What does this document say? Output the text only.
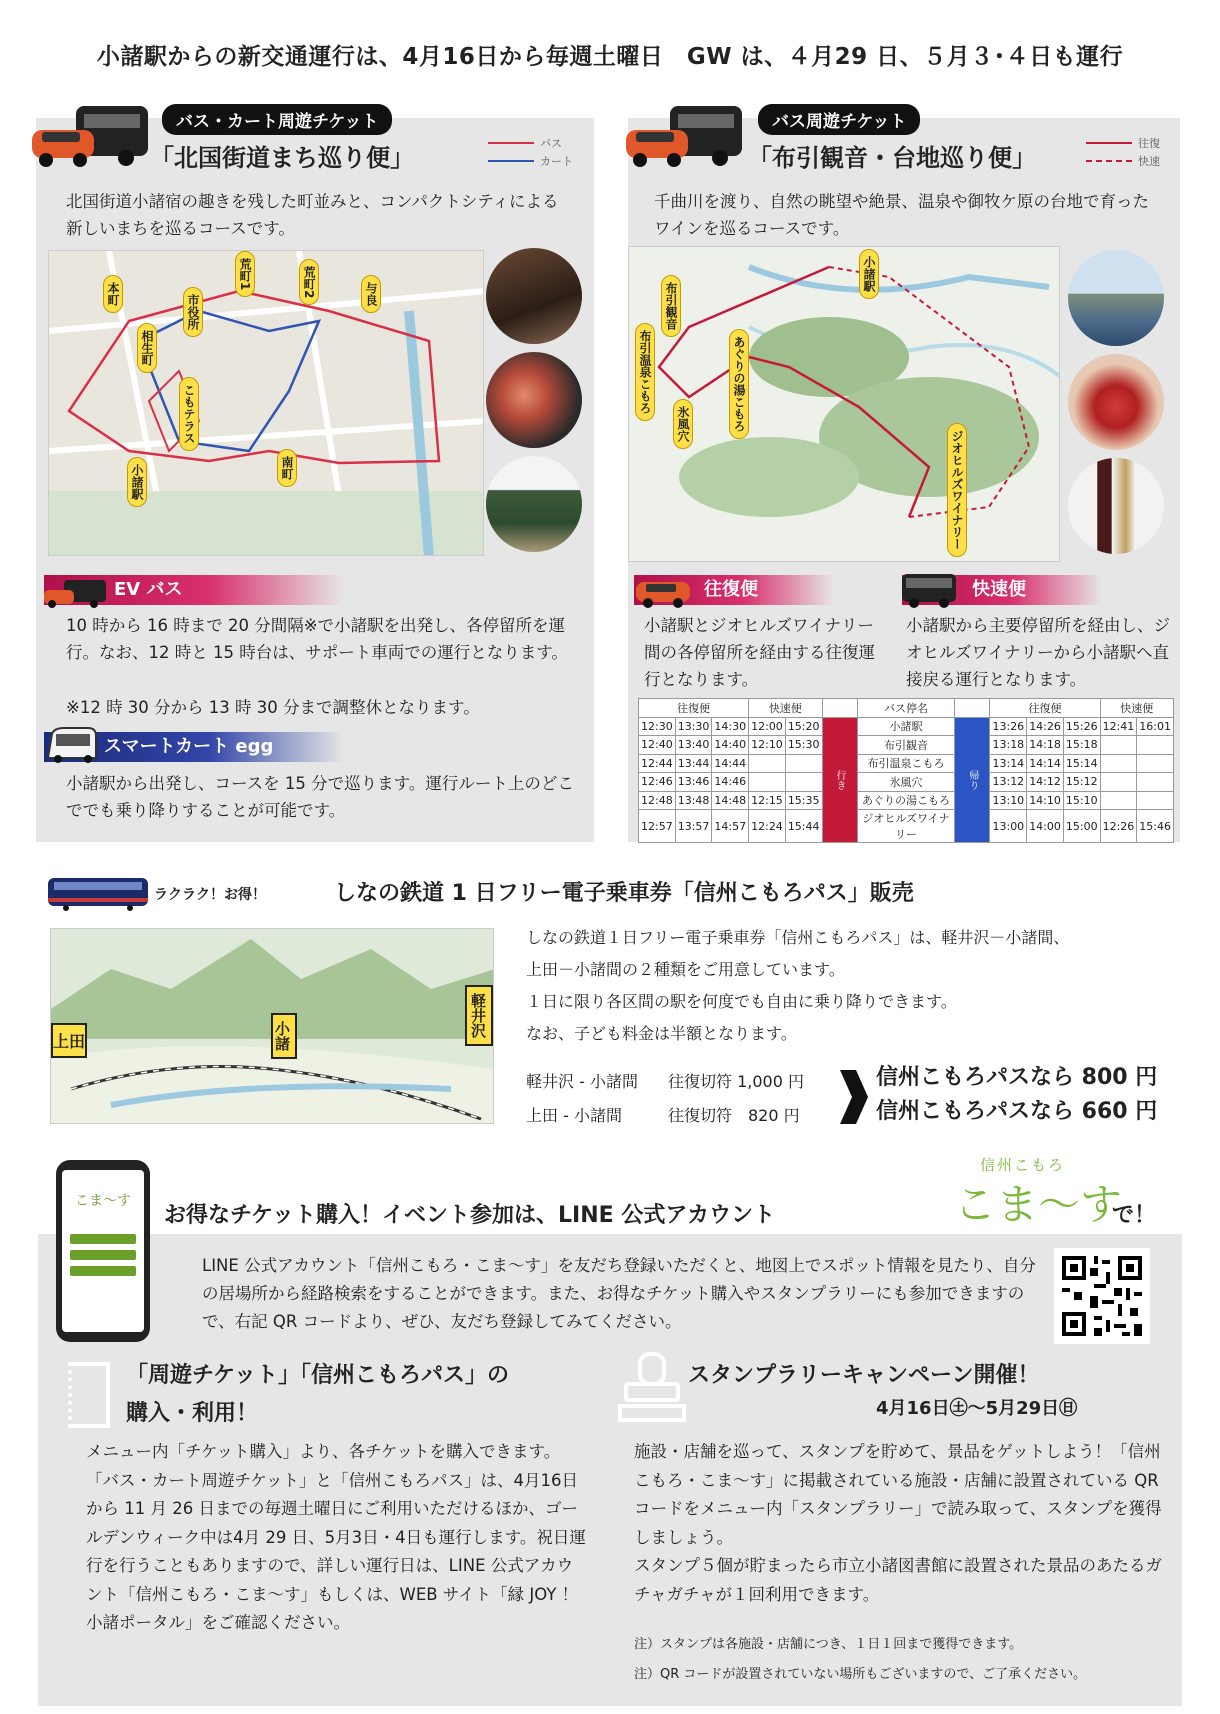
小諸駅からの新交通運行は、4月16日から毎週土曜日　GW は、４月29 日、５月３･４日も運行
バス・カート周遊チケット
「北国街道まち巡り便」
バス
カート
北国街道小諸宿の趣きを残した町並みと、コンパクトシティによる新しいまちを巡るコースです。
本町
相生町
市役所
荒町1	荒町2	与良
こもテラス
小諸駅	南町
EV バス
10 時から 16 時まで 20 分間隔※で小諸駅を出発し、各停留所を運行。なお、12 時と 15 時台は、サポート車両での運行となります。
※12 時 30 分から 13 時 30 分まで調整休となります。
スマートカート egg
小諸駅から出発し、コースを 15 分で巡ります。運行ルート上のどこででも乗り降りすることが可能です。
バス周遊チケット
「布引観音・台地巡り便」
往復
快速
千曲川を渡り、自然の眺望や絶景、温泉や御牧ケ原の台地で育ったワインを巡るコースです。
小諸駅
布引観音
布引温泉こもろ
氷風穴	あぐりの湯こもろ
ジオヒルズワイナリー
往復便
小諸駅とジオヒルズワイナリー間の各停留所を経由する往復運行となります。
快速便
小諸駅から主要停留所を経由し、ジオヒルズワイナリーから小諸駅へ直接戻る運行となります。
往復便			快速便			バス停名		往復便			快速便	
12:30	13:30	14:30	12:00	15:20	行き	小諸駅	帰り	13:26	14:26	15:26	12:41	16:01
12:40	13:40	14:40	12:10	15:30		布引観音		13:18	14:18	15:18		
12:44	13:44	14:44				布引温泉こもろ		13:14	14:14	15:14		
12:46	13:46	14:46				氷風穴		13:12	14:12	15:12		
12:48	13:48	14:48	12:15	15:35		あぐりの湯こもろ		13:10	14:10	15:10		
12:57	13:57	14:57	12:24	15:44		ジオヒルズワイナリー		13:00	14:00	15:00	12:26	15:46
ラクラク！お得！	しなの鉄道 1 日フリー電子乗車券「信州こもろパス」販売
上田	小諸	軽井沢
しなの鉄道１日フリー電子乗車券「信州こもろパス」は、軽井沢－小諸間、
上田－小諸間の２種類をご用意しています。
１日に限り各区間の駅を何度でも自由に乗り降りできます。
なお、子ども料金は半額となります。
軽井沢 - 小諸間 往復切符 1,000 円
上田 - 小諸間	往復切符　820 円
信州こもろパスなら 800 円
信州こもろパスなら 660 円
こま〜す
お得なチケット購入！イベント参加は、LINE 公式アカウント
信州こもろ
こま〜す
で！
LINE 公式アカウント「信州こもろ・こま〜す」を友だち登録いただくと、地図上でスポット情報を見たり、自分の居場所から経路検索をすることができます。また、お得なチケット購入やスタンプラリーにも参加できますので、右記 QR コードより、ぜひ、友だち登録してみてください。
「周遊チケット」「信州こもろパス」の
購入・利用！
メニュー内「チケット購入」より、各チケットを購入できます。
「バス・カート周遊チケット」と「信州こもろパス」は、4月16日から 11 月 26 日までの毎週土曜日にご利用いただけるほか、ゴールデンウィーク中は4月 29 日、5月3日・4日も運行します。祝日運行を行うこともありますので、詳しい運行日は、LINE 公式アカウント「信州こもろ・こま〜す」もしくは、WEB サイト「縁 JOY ！小諸ポータル」をご確認ください。
スタンプラリーキャンペーン開催！
4月16日㊏〜5月29日㊐
施設・店舗を巡って、スタンプを貯めて、景品をゲットしよう！「信州こもろ・こま〜す」に掲載されている施設・店舗に設置されている QR コードをメニュー内「スタンプラリー」で読み取って、スタンプを獲得しましょう。
スタンプ５個が貯まったら市立小諸図書館に設置された景品のあたるガチャガチャが１回利用できます。
注）スタンプは各施設・店舗につき、１日１回まで獲得できます。
注）QR コードが設置されていない場所もございますので、ご了承ください。
